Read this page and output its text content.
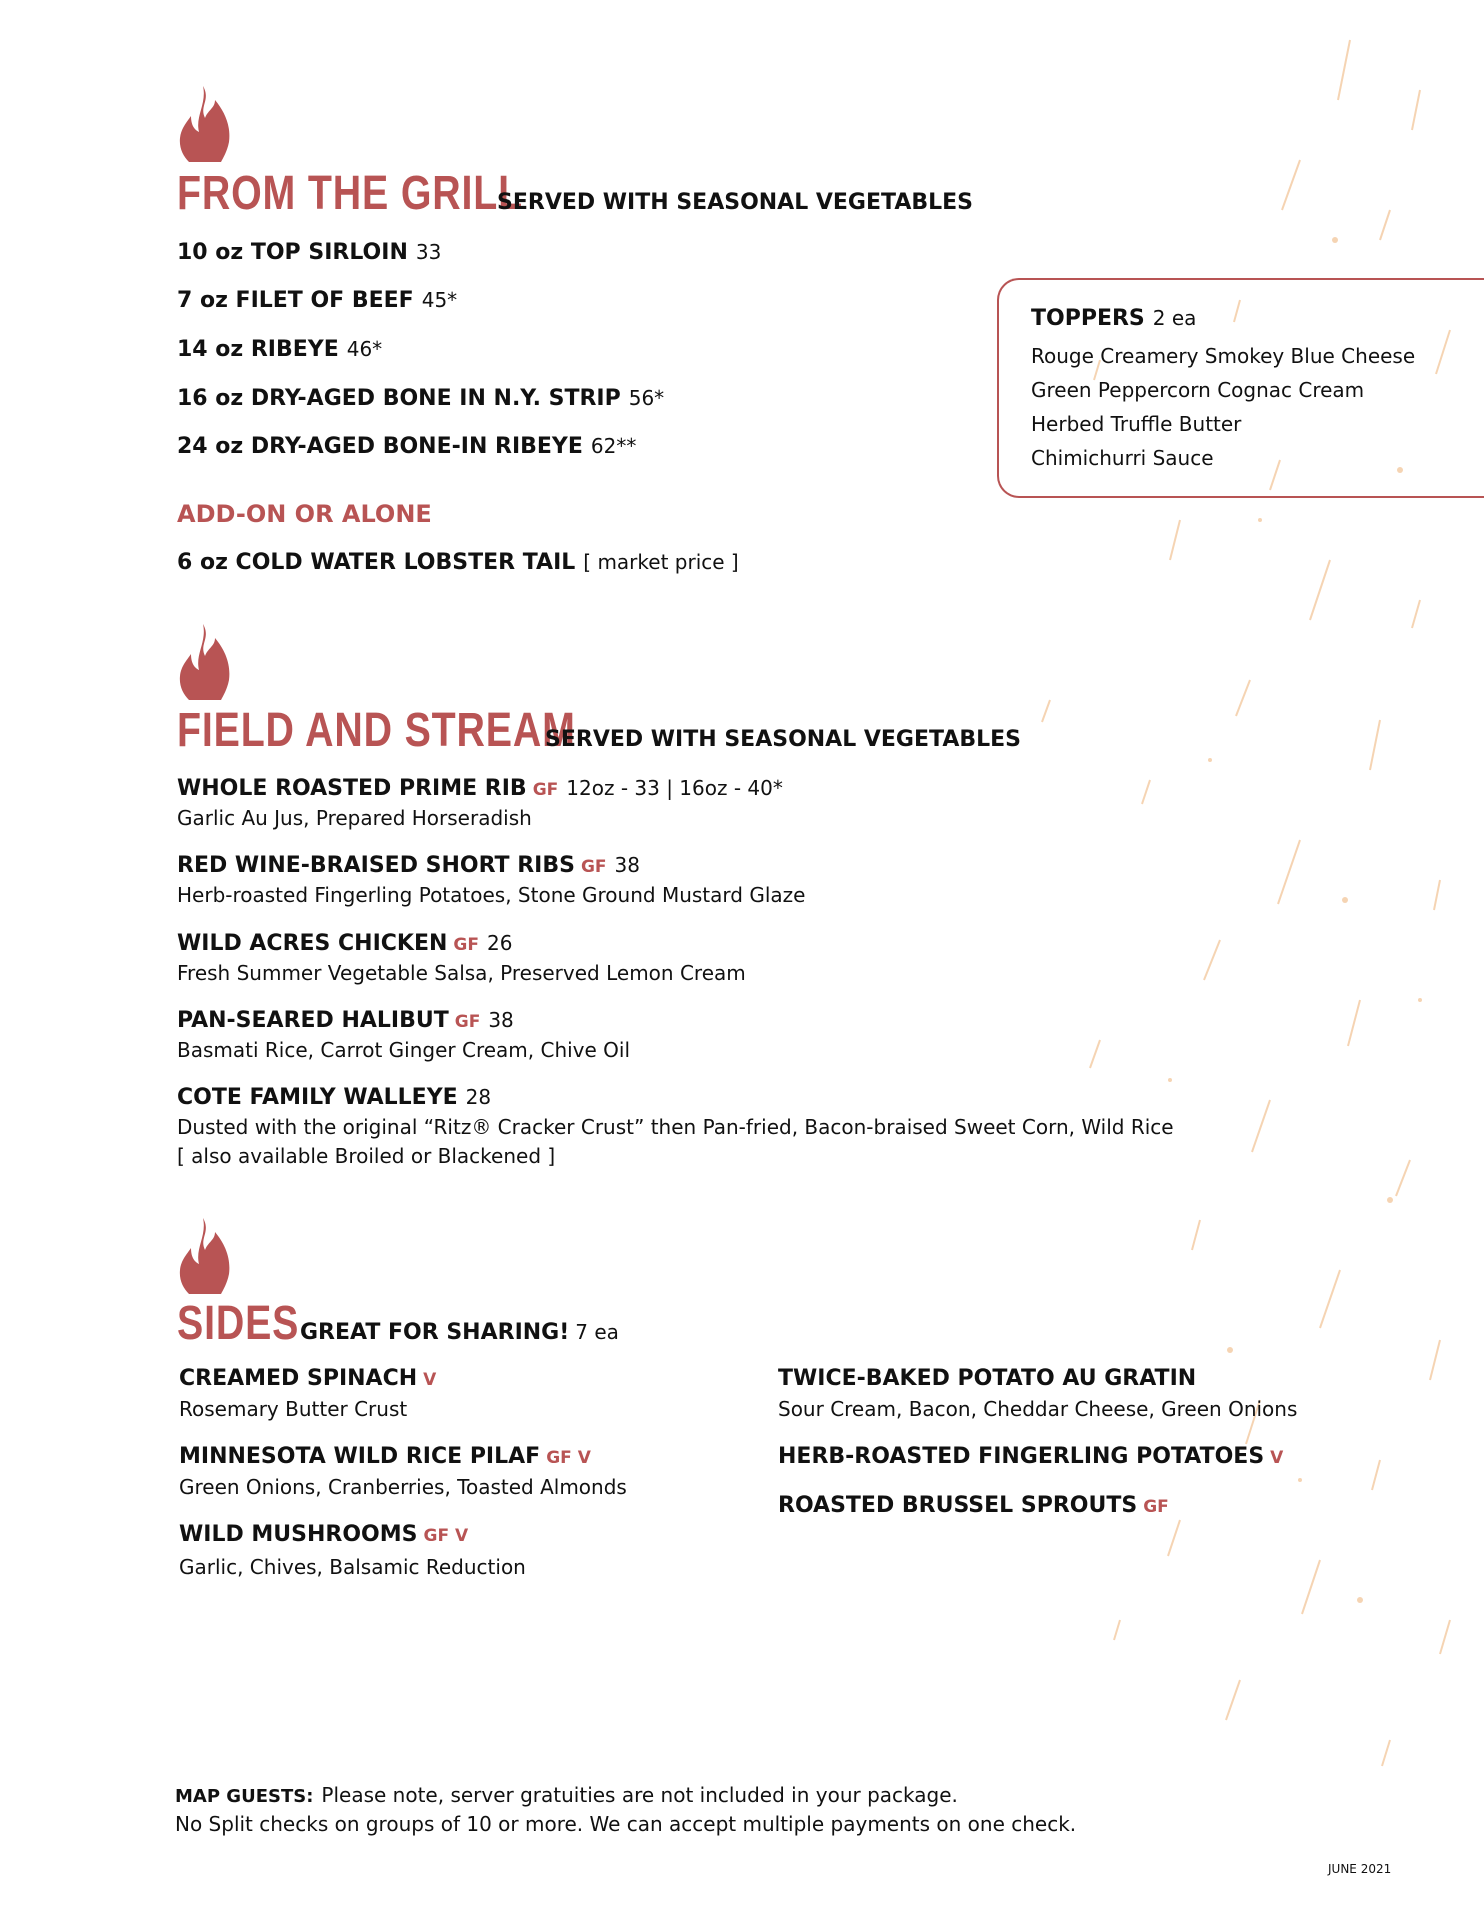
FROM THE GRILL
SERVED WITH SEASONAL VEGETABLES
10 oz TOP SIRLOIN 33
7 oz FILET OF BEEF 45*
14 oz RIBEYE 46*
16 oz DRY-AGED BONE IN N.Y. STRIP 56*
24 oz DRY-AGED BONE-IN RIBEYE 62**
ADD-ON OR ALONE
6 oz COLD WATER LOBSTER TAIL [ market price ]
TOPPERS 2 ea
Rouge Creamery Smokey Blue Cheese
Green Peppercorn Cognac Cream
Herbed Truffle Butter
Chimichurri Sauce
FIELD AND STREAM
SERVED WITH SEASONAL VEGETABLES
WHOLE ROASTED PRIME RIB GF 12oz - 33 | 16oz - 40*
Garlic Au Jus, Prepared Horseradish
RED WINE-BRAISED SHORT RIBS GF 38
Herb-roasted Fingerling Potatoes, Stone Ground Mustard Glaze
WILD ACRES CHICKEN GF 26
Fresh Summer Vegetable Salsa, Preserved Lemon Cream
PAN-SEARED HALIBUT GF 38
Basmati Rice, Carrot Ginger Cream, Chive Oil
COTE FAMILY WALLEYE 28
Dusted with the original “Ritz® Cracker Crust” then Pan-fried, Bacon-braised Sweet Corn, Wild Rice
[ also available Broiled or Blackened ]
SIDES GREAT FOR SHARING! 7 ea
CREAMED SPINACH V
Rosemary Butter Crust
MINNESOTA WILD RICE PILAF GF V
Green Onions, Cranberries, Toasted Almonds
WILD MUSHROOMS GF V
Garlic, Chives, Balsamic Reduction
TWICE-BAKED POTATO AU GRATIN
Sour Cream, Bacon, Cheddar Cheese, Green Onions
HERB-ROASTED FINGERLING POTATOES V
ROASTED BRUSSEL SPROUTS GF
MAP GUESTS: Please note, server gratuities are not included in your package.
No Split checks on groups of 10 or more. We can accept multiple payments on one check.
JUNE 2021
